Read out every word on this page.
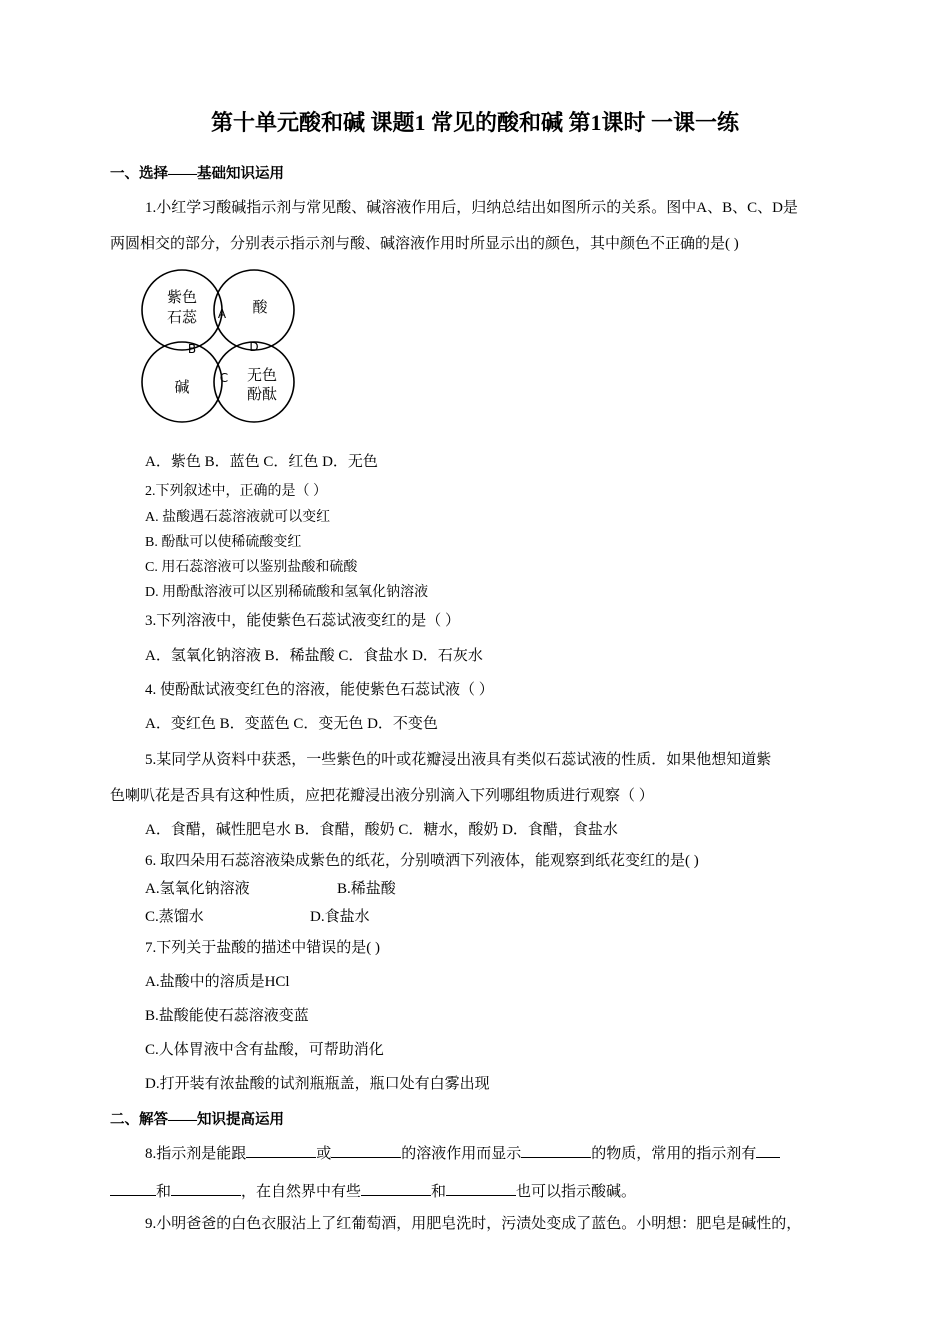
第十单元酸和碱 课题1 常见的酸和碱 第1课时 一课一练
一、选择——基础知识运用
1.小红学习酸碱指示剂与常见酸、碱溶液作用后，归纳总结出如图所示的关系。图中A、B、C、D是
两圆相交的部分，分别表示指示剂与酸、碱溶液作用时所显示出的颜色，其中颜色不正确的是( )
紫色
石蕊
酸
碱
无色
酚酞
A
B
C
D
A．紫色 B．蓝色 C．红色 D．无色
2.下列叙述中，正确的是（ ）
A. 盐酸遇石蕊溶液就可以变红
B. 酚酞可以使稀硫酸变红
C. 用石蕊溶液可以鉴别盐酸和硫酸
D. 用酚酞溶液可以区别稀硫酸和氢氧化钠溶液
3.下列溶液中，能使紫色石蕊试液变红的是（ ）
A．氢氧化钠溶液 B．稀盐酸 C．食盐水 D．石灰水
4. 使酚酞试液变红色的溶液，能使紫色石蕊试液（ ）
A．变红色 B．变蓝色 C．变无色 D．不变色
5.某同学从资料中获悉，一些紫色的叶或花瓣浸出液具有类似石蕊试液的性质．如果他想知道紫
色喇叭花是否具有这种性质，应把花瓣浸出液分别滴入下列哪组物质进行观察（ ）
A．食醋，碱性肥皂水 B．食醋，酸奶 C．糖水，酸奶 D．食醋，食盐水
6. 取四朵用石蕊溶液染成紫色的纸花，分别喷洒下列液体，能观察到纸花变红的是( )
A.氢氧化钠溶液	B.稀盐酸
C.蒸馏水	D.食盐水
7.下列关于盐酸的描述中错误的是( )
A.盐酸中的溶质是HCl
B.盐酸能使石蕊溶液变蓝
C.人体胃液中含有盐酸，可帮助消化
D.打开装有浓盐酸的试剂瓶瓶盖，瓶口处有白雾出现
二、解答——知识提高运用
8.指示剂是能跟	或	的溶液作用而显示	的物质，常用的指示剂有
和	，在自然界中有些	和	也可以指示酸碱。
9.小明爸爸的白色衣服沾上了红葡萄酒，用肥皂洗时，污渍处变成了蓝色。小明想：肥皂是碱性的，
